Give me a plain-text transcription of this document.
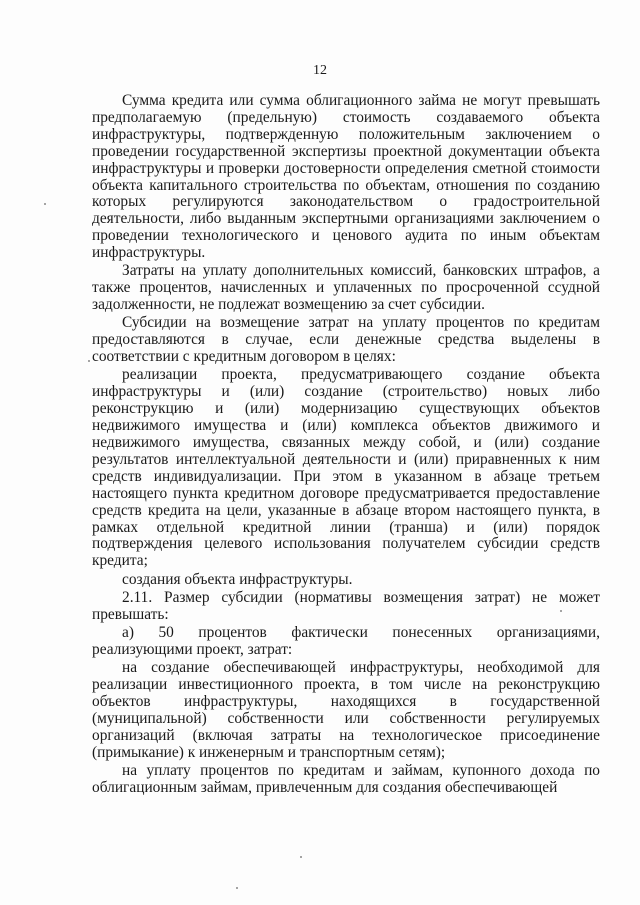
12

Сумма кредита или сумма облигационного займа не могут превышать предполагаемую (предельную) стоимость создаваемого объекта инфраструктуры, подтвержденную положительным заключением о проведении государственной экспертизы проектной документации объекта инфраструктуры и проверки достоверности определения сметной стоимости объекта капитального строительства по объектам, отношения по созданию которых регулируются законодательством о градостроительной деятельности, либо выданным экспертными организациями заключением о проведении технологического и ценового аудита по иным объектам инфраструктуры.

Затраты на уплату дополнительных комиссий, банковских штрафов, а также процентов, начисленных и уплаченных по просроченной ссудной задолженности, не подлежат возмещению за счет субсидии.

Субсидии на возмещение затрат на уплату процентов по кредитам предоставляются в случае, если денежные средства выделены в соответствии с кредитным договором в целях:

реализации проекта, предусматривающего создание объекта инфраструктуры и (или) создание (строительство) новых либо реконструкцию и (или) модернизацию существующих объектов недвижимого имущества и (или) комплекса объектов движимого и недвижимого имущества, связанных между собой, и (или) создание результатов интеллектуальной деятельности и (или) приравненных к ним средств индивидуализации. При этом в указанном в абзаце третьем настоящего пункта кредитном договоре предусматривается предоставление средств кредита на цели, указанные в абзаце втором настоящего пункта, в рамках отдельной кредитной линии (транша) и (или) порядок подтверждения целевого использования получателем субсидии средств кредита;

создания объекта инфраструктуры.

2.11. Размер субсидии (нормативы возмещения затрат) не может превышать:

а) 50 процентов фактически понесенных организациями, реализующими проект, затрат:

на создание обеспечивающей инфраструктуры, необходимой для реализации инвестиционного проекта, в том числе на реконструкцию объектов инфраструктуры, находящихся в государственной (муниципальной) собственности или собственности регулируемых организаций (включая затраты на технологическое присоединение (примыкание) к инженерным и транспортным сетям);

на уплату процентов по кредитам и займам, купонного дохода по облигационным займам, привлеченным для создания обеспечивающей
